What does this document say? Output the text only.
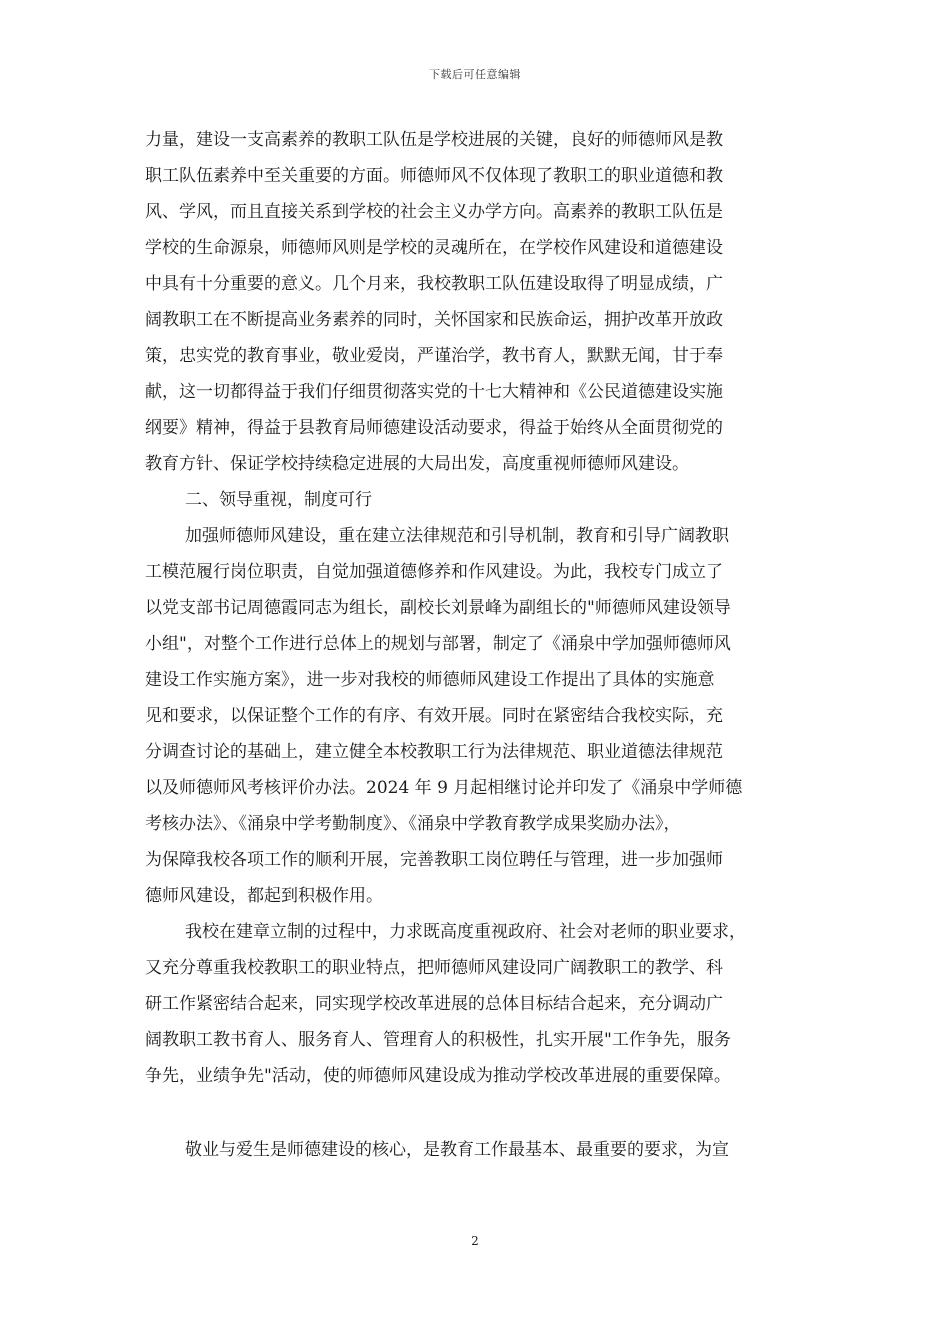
下载后可任意编辑
力量，建设一支高素养的教职工队伍是学校进展的关键，良好的师德师风是教
职工队伍素养中至关重要的方面。师德师风不仅体现了教职工的职业道德和教
风、学风，而且直接关系到学校的社会主义办学方向。高素养的教职工队伍是
学校的生命源泉，师德师风则是学校的灵魂所在，在学校作风建设和道德建设
中具有十分重要的意义。几个月来，我校教职工队伍建设取得了明显成绩，广
阔教职工在不断提高业务素养的同时，关怀国家和民族命运，拥护改革开放政
策，忠实党的教育事业，敬业爱岗，严谨治学，教书育人，默默无闻，甘于奉
献，这一切都得益于我们仔细贯彻落实党的十七大精神和《公民道德建设实施
纲要》精神，得益于县教育局师德建设活动要求，得益于始终从全面贯彻党的
教育方针、保证学校持续稳定进展的大局出发，高度重视师德师风建设。
二、领导重视，制度可行
加强师德师风建设，重在建立法律规范和引导机制，教育和引导广阔教职
工模范履行岗位职责，自觉加强道德修养和作风建设。为此，我校专门成立了
以党支部书记周德霞同志为组长，副校长刘景峰为副组长的"师德师风建设领导
小组"，对整个工作进行总体上的规划与部署，制定了《涌泉中学加强师德师风
建设工作实施方案》，进一步对我校的师德师风建设工作提出了具体的实施意
见和要求，以保证整个工作的有序、有效开展。同时在紧密结合我校实际，充
分调查讨论的基础上，建立健全本校教职工行为法律规范、职业道德法律规范
以及师德师风考核评价办法。2024 年 9 月起相继讨论并印发了《涌泉中学师德
考核办法》、《涌泉中学考勤制度》、《涌泉中学教育教学成果奖励办法》，
为保障我校各项工作的顺利开展，完善教职工岗位聘任与管理，进一步加强师
德师风建设，都起到积极作用。
我校在建章立制的过程中，力求既高度重视政府、社会对老师的职业要求，
又充分尊重我校教职工的职业特点，把师德师风建设同广阔教职工的教学、科
研工作紧密结合起来，同实现学校改革进展的总体目标结合起来，充分调动广
阔教职工教书育人、服务育人、管理育人的积极性，扎实开展"工作争先，服务
争先，业绩争先"活动，使的师德师风建设成为推动学校改革进展的重要保障。
敬业与爱生是师德建设的核心，是教育工作最基本、最重要的要求，为宣
2
